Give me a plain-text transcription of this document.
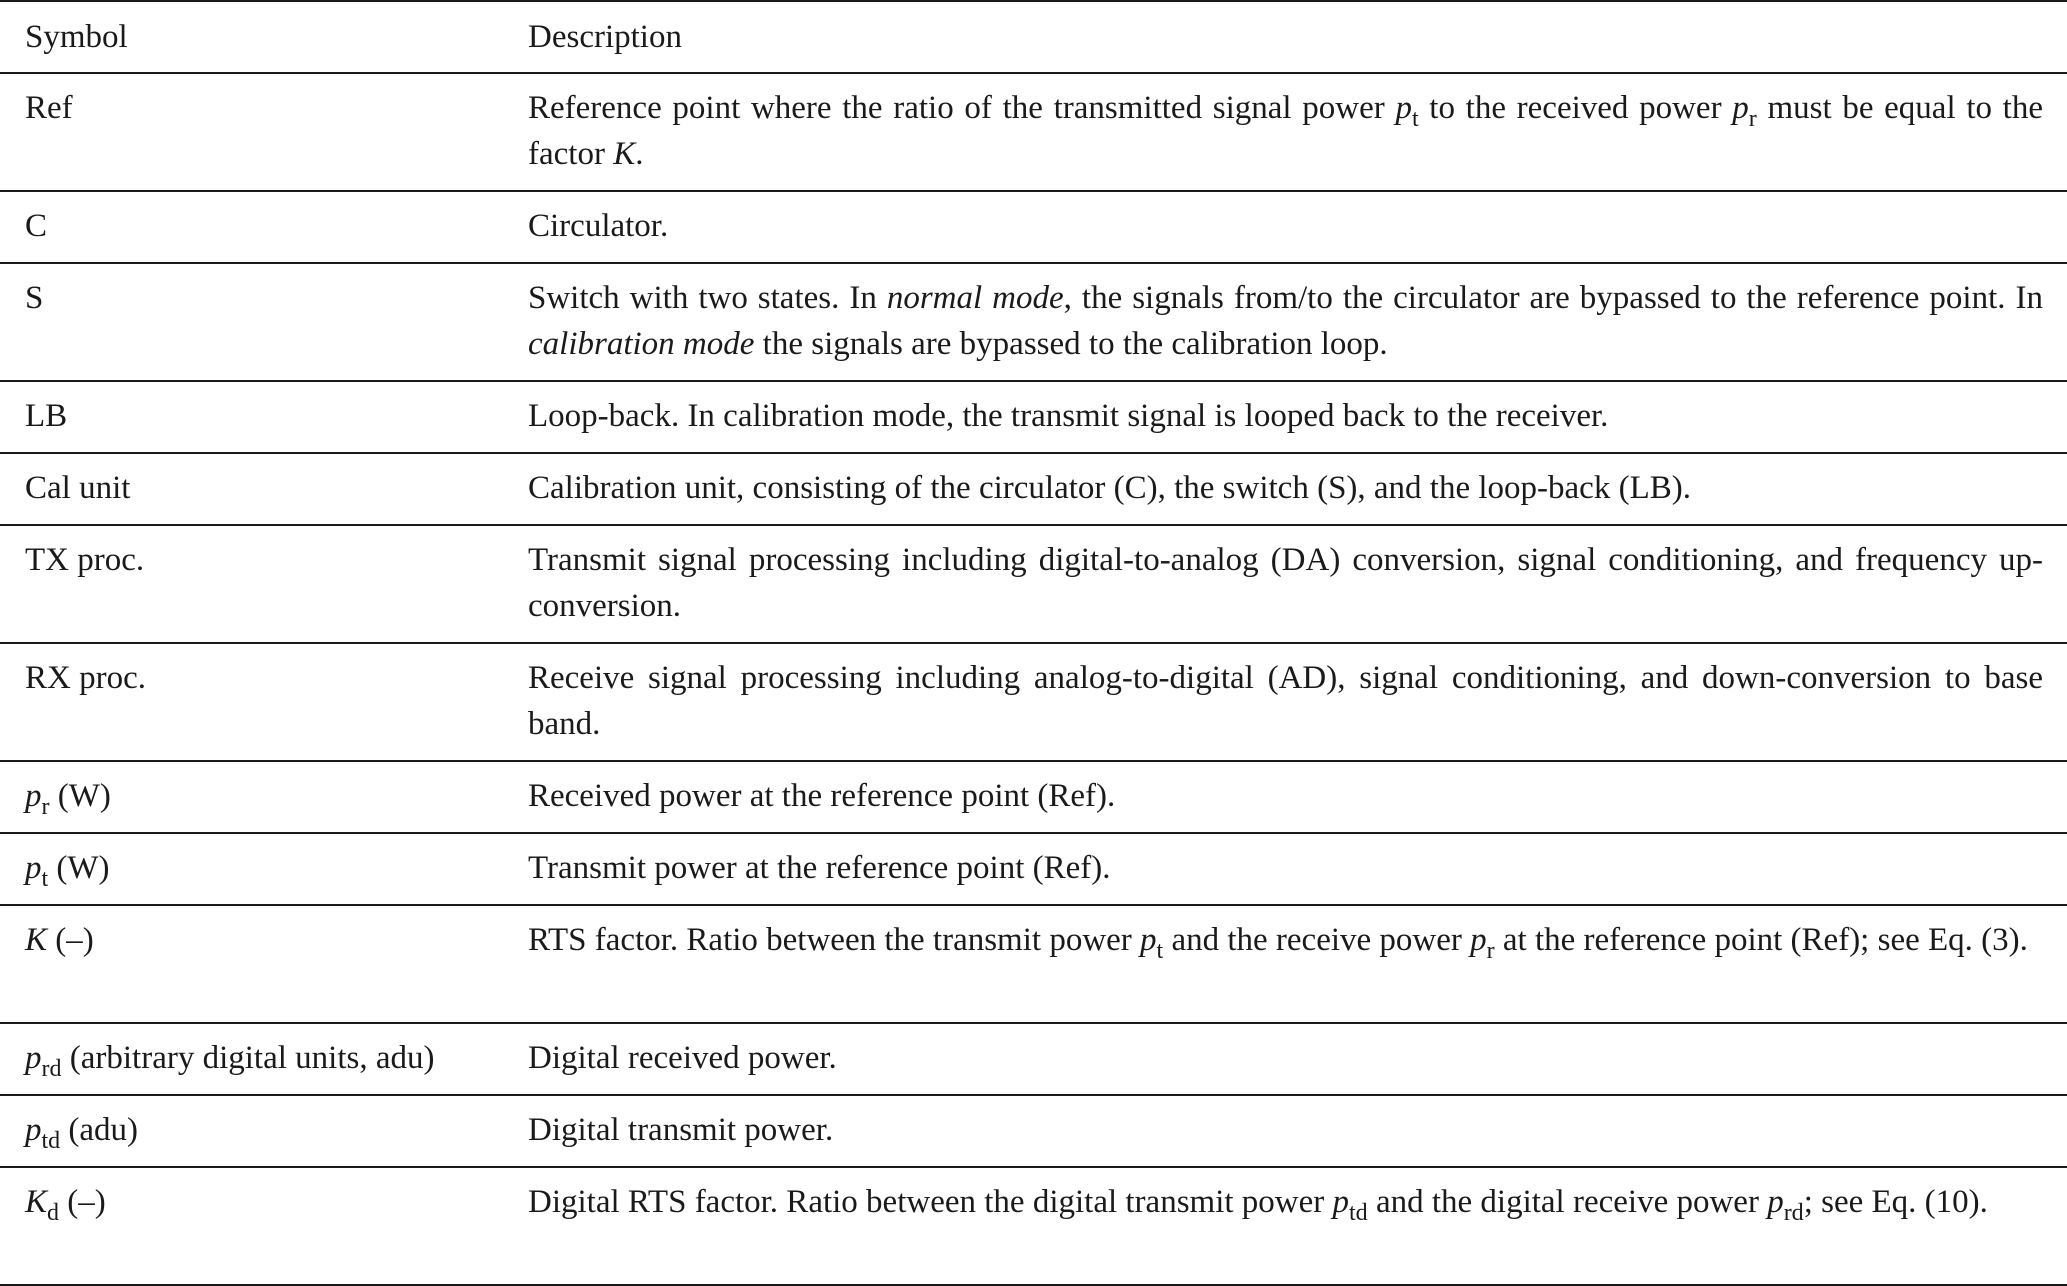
Symbol	Description
Ref	Reference point where the ratio of the transmitted signal power $p_t$ to the received power $p_r$ must be equal to the factor K.
C	Circulator.
S	Switch with two states. In normal mode, the signals from/to the circulator are bypassed to the reference point. In calibration mode the signals are bypassed to the calibration loop.
LB	Loop-back. In calibration mode, the transmit signal is looped back to the receiver.
Cal unit	Calibration unit, consisting of the circulator (C), the switch (S), and the loop-back (LB).
TX proc.	Transmit signal processing including digital-to-analog (DA) conversion, signal conditioning, and frequency up-conversion.
RX proc.	Receive signal processing including analog-to-digital (AD), signal conditioning, and down-conversion to base band.
$p_r$ (W)	Received power at the reference point (Ref).
$p_t$ (W)	Transmit power at the reference point (Ref).
K (–)	RTS factor. Ratio between the transmit power $p_t$ and the receive power $p_r$ at the reference point (Ref); see Eq. (3).
$p_{rd}$ (arbitrary digital units, adu)	Digital received power.
$p_{td}$ (adu)	Digital transmit power.
$K_d$ (–)	Digital RTS factor. Ratio between the digital transmit power $p_{td}$ and the digital receive power $p_{rd}$; see Eq. (10).
